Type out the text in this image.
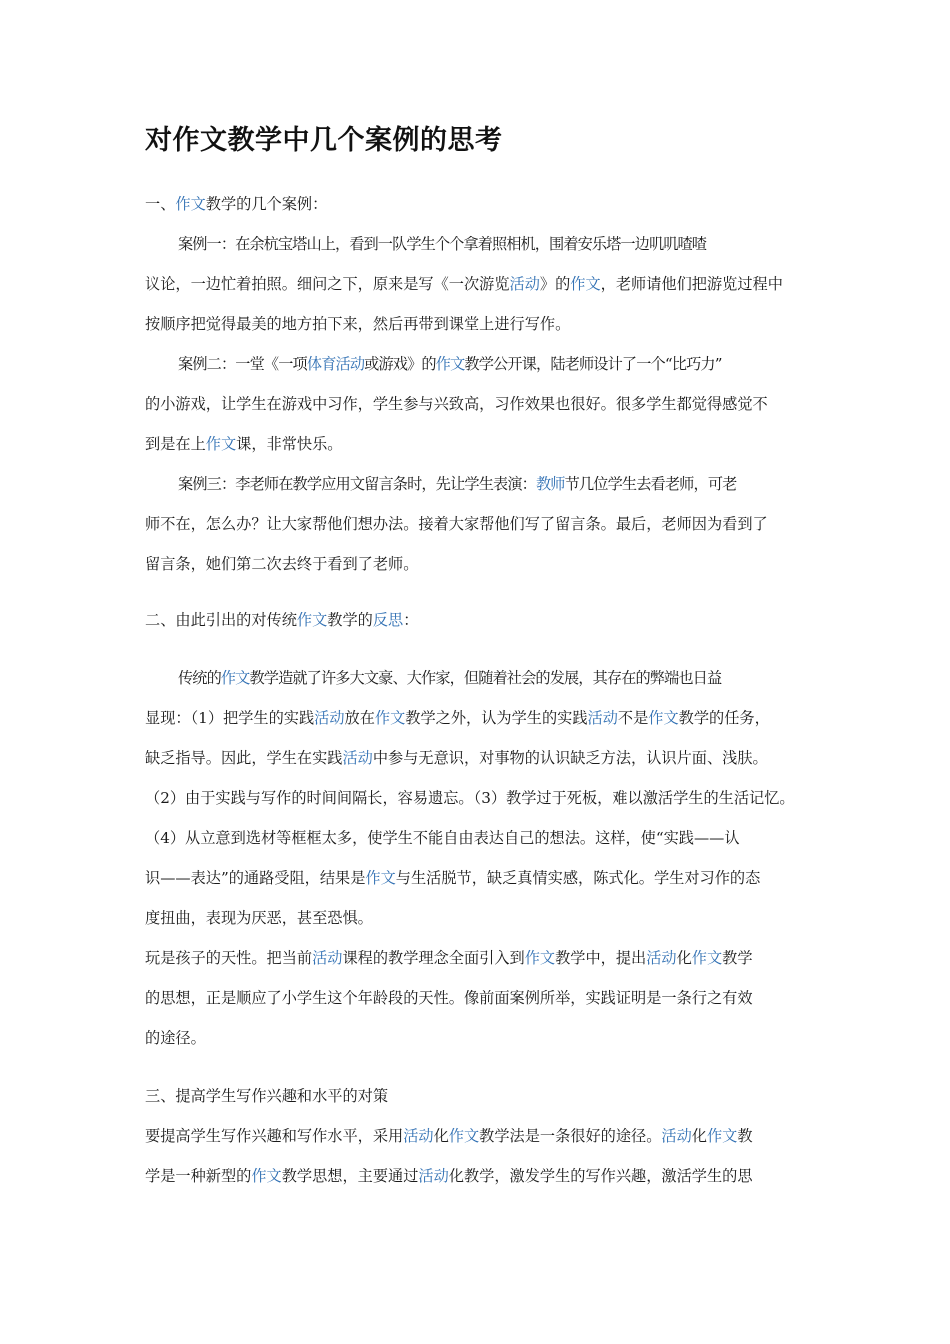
对作文教学中几个案例的思考
一、作文教学的几个案例：
案例一：在余杭宝塔山上，看到一队学生个个拿着照相机，围着安乐塔一边叽叽喳喳
议论，一边忙着拍照。细问之下，原来是写《一次游览活动》的作文，老师请他们把游览过程中
按顺序把觉得最美的地方拍下来，然后再带到课堂上进行写作。
案例二：一堂《一项体育活动或游戏》的作文教学公开课，陆老师设计了一个“比巧力”
的小游戏，让学生在游戏中习作，学生参与兴致高，习作效果也很好。很多学生都觉得感觉不
到是在上作文课，非常快乐。
案例三：李老师在教学应用文留言条时，先让学生表演：教师节几位学生去看老师，可老
师不在，怎么办？让大家帮他们想办法。接着大家帮他们写了留言条。最后，老师因为看到了
留言条，她们第二次去终于看到了老师。
二、由此引出的对传统作文教学的反思：
传统的作文教学造就了许多大文豪、大作家，但随着社会的发展，其存在的弊端也日益
显现：（1）把学生的实践活动放在作文教学之外，认为学生的实践活动不是作文教学的任务，
缺乏指导。因此，学生在实践活动中参与无意识，对事物的认识缺乏方法，认识片面、浅肤。
（2）由于实践与写作的时间间隔长，容易遗忘。（3）教学过于死板，难以激活学生的生活记忆。
（4）从立意到选材等框框太多，使学生不能自由表达自己的想法。这样，使“实践——认
识——表达”的通路受阻，结果是作文与生活脱节，缺乏真情实感，陈式化。学生对习作的态
度扭曲，表现为厌恶，甚至恐惧。
玩是孩子的天性。把当前活动课程的教学理念全面引入到作文教学中，提出活动化作文教学
的思想，正是顺应了小学生这个年龄段的天性。像前面案例所举，实践证明是一条行之有效
的途径。
三、提高学生写作兴趣和水平的对策
要提高学生写作兴趣和写作水平，采用活动化作文教学法是一条很好的途径。活动化作文教
学是一种新型的作文教学思想，主要通过活动化教学，激发学生的写作兴趣，激活学生的思
